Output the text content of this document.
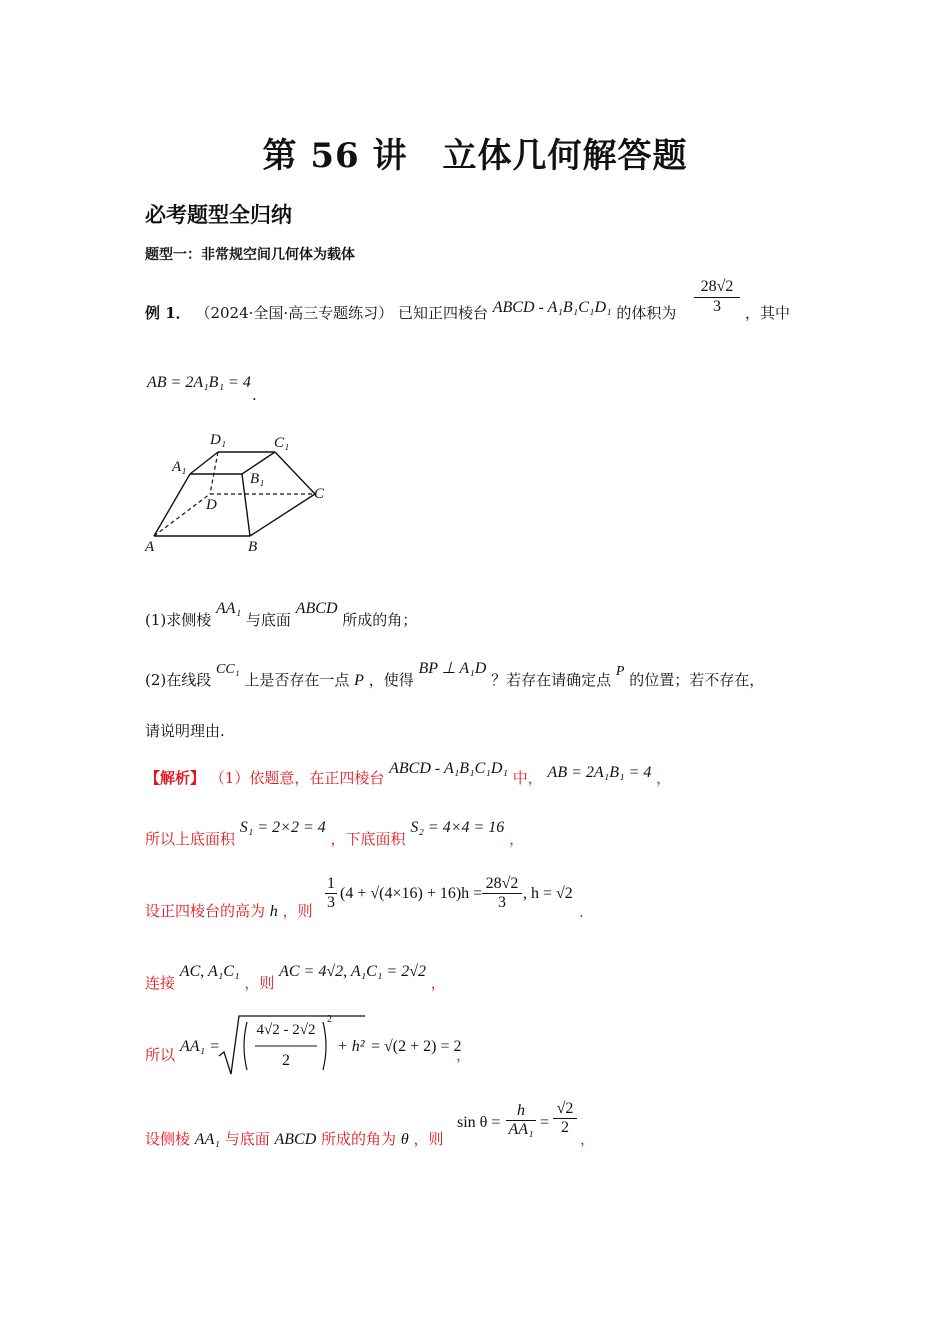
第 56 讲　立体几何解答题
必考题型全归纳
题型一：非常规空间几何体为载体
例 1． （2024·全国·高三专题练习） 已知正四棱台 ABCD - A₁B₁C₁D₁ 的体积为 $\frac{28√2}{3}$ ，其中
AB = 2A₁B₁ = 4
.
D₁	C₁
A₁
B₁
D
C
A	B
(1)求侧棱 AA₁ 与底面 ABCD 所成的角；
(2)在线段 CC₁ 上是否存在一点 P ，使得 BP ⊥ A₁D ？若存在请确定点 P 的位置；若不存在，
请说明理由.
【解析】 （1）依题意，在正四棱台 ABCD - A₁B₁C₁D₁ 中， AB = 2A₁B₁ = 4 ，
所以上底面积 S₁ = 2×2 = 4 ，下底面积 S₂ = 4×4 = 16 ，
设正四棱台的高为 h ，则 $\frac{1}{3} (4 + √(4\times 16) + 16)h = \frac{28√2}{3}$ , h = √2
.
连接 AC, A₁C₁ ，则 AC = 4√2, A₁C₁ = 2√2 ，
所以 AA₁ =
4√2 - 2√2
2
2
+ h² = √(2 + 2) = 2
，
设侧棱 AA₁ 与底面 ABCD 所成的角为 θ ，则
$\sin \theta = \frac{h}{\text{AA₁}} = \frac{√2}{2}$
，
